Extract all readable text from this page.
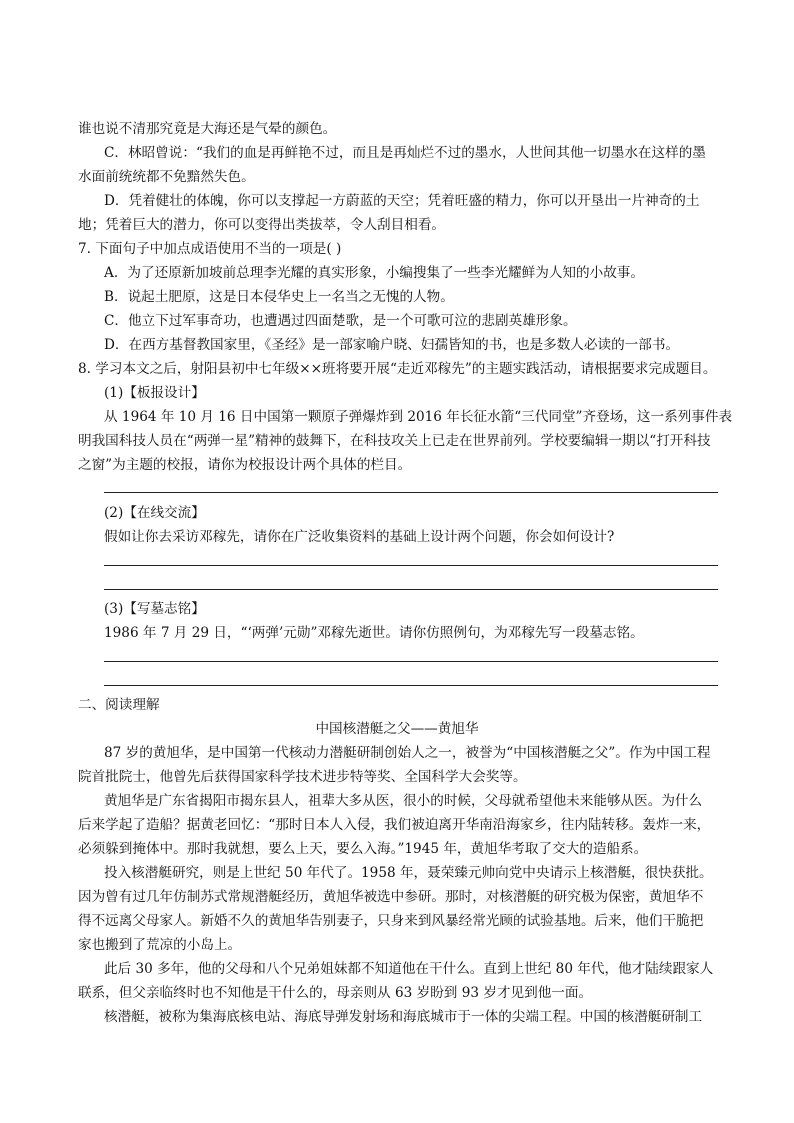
谁也说不清那究竟是大海还是气晕的颜色。
C．林昭曾说：“我们的血是再鲜艳不过，而且是再灿烂不过的墨水，人世间其他一切墨水在这样的墨
水面前统统都不免黯然失色。
D．凭着健壮的体魄，你可以支撑起一方蔚蓝的天空；凭着旺盛的精力，你可以开垦出一片神奇的土
地；凭着巨大的潜力，你可以变得出类拔萃，令人刮目相看。
7. 下面句子中加点成语使用不当的一项是( )
A．为了还原新加坡前总理李光耀的真实形象，小编搜集了一些李光耀鲜为人知的小故事。
B．说起土肥原，这是日本侵华史上一名当之无愧的人物。
C．他立下过军事奇功，也遭遇过四面楚歌，是一个可歌可泣的悲剧英雄形象。
D．在西方基督教国家里，《圣经》是一部家喻户晓、妇孺皆知的书，也是多数人必读的一部书。
8. 学习本文之后，射阳县初中七年级××班将要开展“走近邓稼先”的主题实践活动，请根据要求完成题目。
(1)【板报设计】
从 1964 年 10 月 16 日中国第一颗原子弹爆炸到 2016 年长征水箭“三代同堂”齐登场，这一系列事件表
明我国科技人员在“两弹一星”精神的鼓舞下，在科技攻关上已走在世界前列。学校要编辑一期以“打开科技
之窗”为主题的校报，请你为校报设计两个具体的栏目。
(2)【在线交流】
假如让你去采访邓稼先，请你在广泛收集资料的基础上设计两个问题，你会如何设计?
(3)【写墓志铭】
1986 年 7 月 29 日，“‘两弹’元勋”邓稼先逝世。请你仿照例句，为邓稼先写一段墓志铭。
二、阅读理解
中国核潜艇之父——黄旭华
87 岁的黄旭华，是中国第一代核动力潜艇研制创始人之一，被誉为“中国核潜艇之父”。作为中国工程
院首批院士，他曾先后获得国家科学技术进步特等奖、全国科学大会奖等。
黄旭华是广东省揭阳市揭东县人，祖辈大多从医，很小的时候，父母就希望他未来能够从医。为什么
后来学起了造船？据黄老回忆：“那时日本人入侵，我们被迫离开华南沿海家乡，往内陆转移。轰炸一来，
必须躲到掩体中。那时我就想，要么上天，要么入海。”1945 年，黄旭华考取了交大的造船系。
投入核潜艇研究，则是上世纪 50 年代了。1958 年，聂荣臻元帅向党中央请示上核潜艇，很快获批。
因为曾有过几年仿制苏式常规潜艇经历，黄旭华被选中参研。那时，对核潜艇的研究极为保密，黄旭华不
得不远离父母家人。新婚不久的黄旭华告别妻子，只身来到风暴经常光顾的试验基地。后来，他们干脆把
家也搬到了荒凉的小岛上。
此后 30 多年，他的父母和八个兄弟姐妹都不知道他在干什么。直到上世纪 80 年代，他才陆续跟家人
联系，但父亲临终时也不知他是干什么的，母亲则从 63 岁盼到 93 岁才见到他一面。
核潜艇，被称为集海底核电站、海底导弹发射场和海底城市于一体的尖端工程。中国的核潜艇研制工
